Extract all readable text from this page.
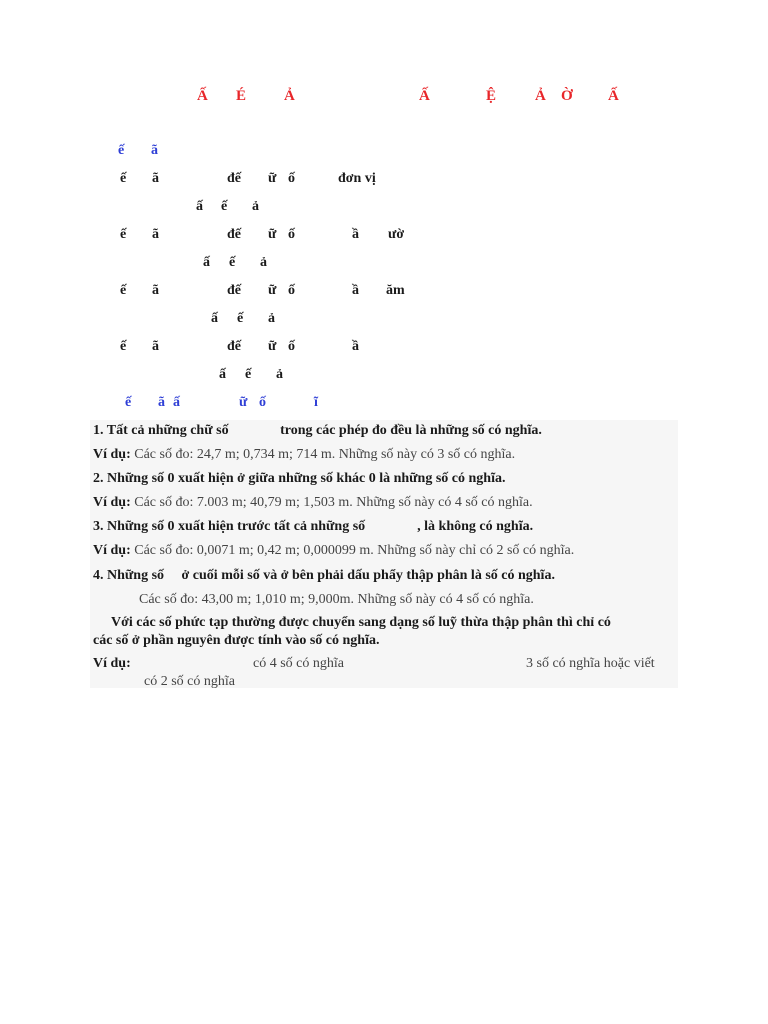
Ấ É	Ả	Ấ	Ệ	Ả Ờ Ấ
ế ã
ế ã	đế ữ ố	đơn vị
ấ ế ả
ế ã	đế ữ ố	ầ ườ
ấ ế ả
ế ã	đế ữ ố	ầ ăm
ấ ế ả
ế ã	đế ữ ố	ầ
ấ ế ả
ế ã ấ	ữ ố	ĩ
1. Tất cả những chữ số	trong các phép đo đều là những số có nghĩa.
Ví dụ: Các số đo: 24,7 m; 0,734 m; 714 m. Những số này có 3 số có nghĩa.
2. Những số 0 xuất hiện ở giữa những số khác 0 là những số có nghĩa.
Ví dụ: Các số đo: 7.003 m; 40,79 m; 1,503 m. Những số này có 4 số có nghĩa.
3. Những số 0 xuất hiện trước tất cả những số	, là không có nghĩa.
Ví dụ: Các số đo: 0,0071 m; 0,42 m; 0,000099 m. Những số này chỉ có 2 số có nghĩa.
4. Những số ở cuối mỗi số và ở bên phải dấu phẩy thập phân là số có nghĩa.
Các số đo: 43,00 m; 1,010 m; 9,000m. Những số này có 4 số có nghĩa.
Với các số phức tạp thường được chuyển sang dạng số luỹ thừa thập phân thì chỉ có
các số ở phần nguyên được tính vào số có nghĩa.
Ví dụ:	có 4 số có nghĩa	3 số có nghĩa hoặc viết
có 2 số có nghĩa
